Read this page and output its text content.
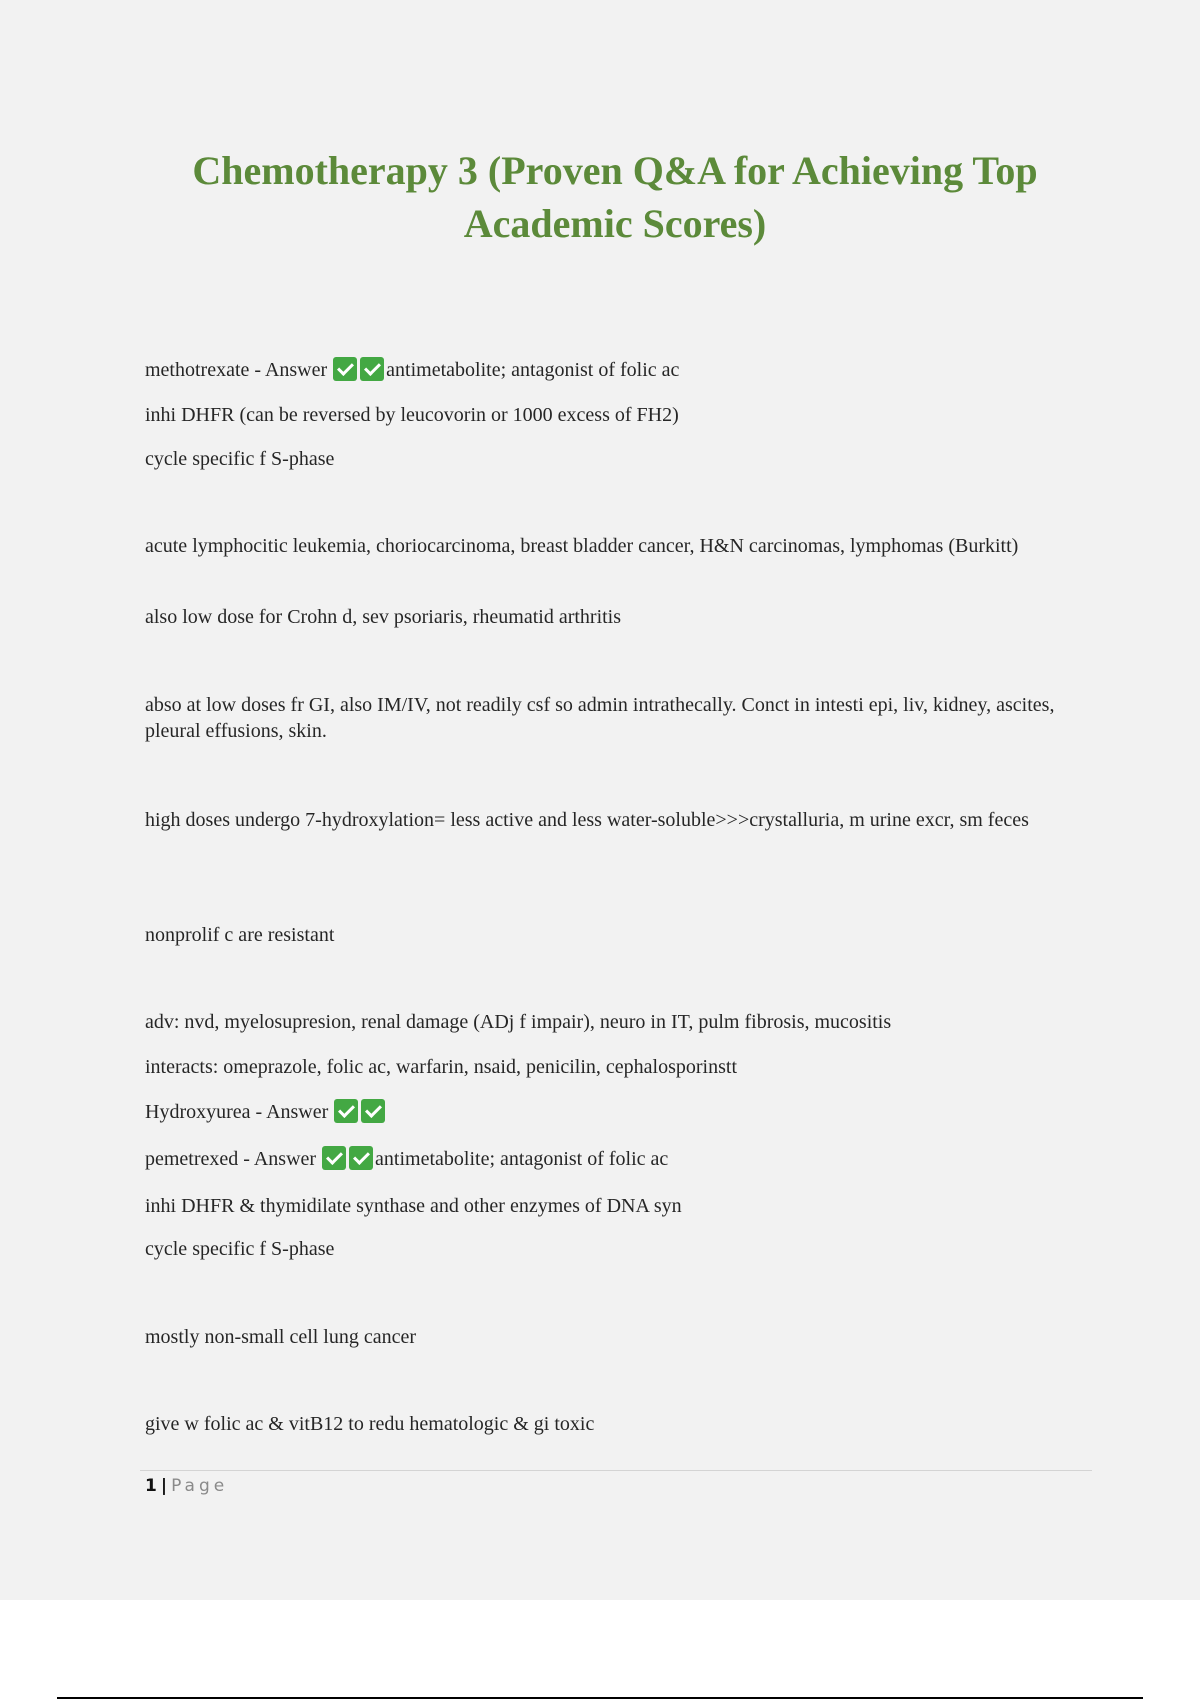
Chemotherapy 3 (Proven Q&A for Achieving Top Academic Scores)

methotrexate - Answer	antimetabolite; antagonist of folic ac

inhi DHFR (can be reversed by leucovorin or 1000 excess of FH2)

cycle specific f S-phase

acute lymphocitic leukemia, choriocarcinoma, breast bladder cancer, H&N carcinomas, lymphomas (Burkitt)

also low dose for Crohn d, sev psoriaris, rheumatid arthritis

abso at low doses fr GI, also IM/IV, not readily csf so admin intrathecally. Conct in intesti epi, liv, kidney, ascites, pleural effusions, skin.

high doses undergo 7-hydroxylation= less active and less water-soluble>>>crystalluria, m urine excr, sm feces

nonprolif c are resistant

adv: nvd, myelosupresion, renal damage (ADj f impair), neuro in IT, pulm fibrosis, mucositis

interacts: omeprazole, folic ac, warfarin, nsaid, penicilin, cephalosporinstt

Hydroxyurea - Answer

pemetrexed - Answer	antimetabolite; antagonist of folic ac

inhi DHFR & thymidilate synthase and other enzymes of DNA syn

cycle specific f S-phase

mostly non-small cell lung cancer

give w folic ac & vitB12 to redu hematologic & gi toxic

1 | Page
